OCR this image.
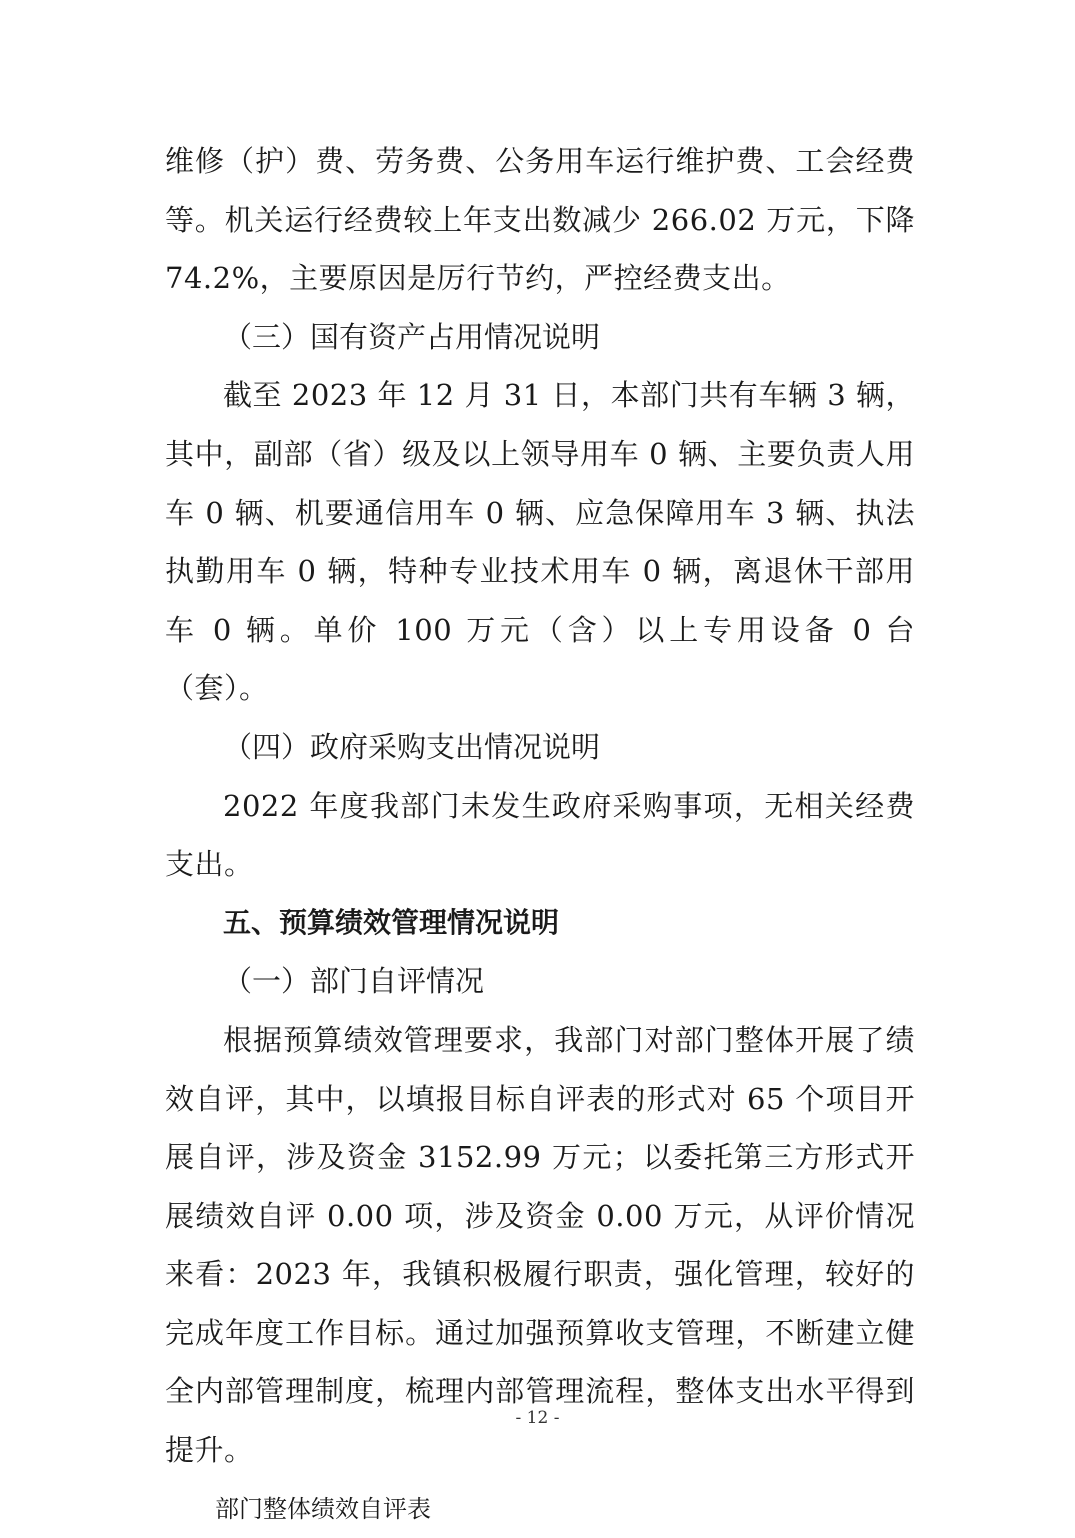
维修（护）费、劳务费、公务用车运行维护费、工会经费等。机关运行经费较上年支出数减少 266.02 万元，下降 74.2%，主要原因是厉行节约，严控经费支出。

（三）国有资产占用情况说明

截至 2023 年 12 月 31 日，本部门共有车辆 3 辆，其中，副部（省）级及以上领导用车 0 辆、主要负责人用车 0 辆、机要通信用车 0 辆、应急保障用车 3 辆、执法执勤用车 0 辆，特种专业技术用车 0 辆，离退休干部用车 0 辆。单价 100 万元（含）以上专用设备 0 台（套）。

（四）政府采购支出情况说明

2022 年度我部门未发生政府采购事项，无相关经费支出。

五、预算绩效管理情况说明

（一）部门自评情况

根据预算绩效管理要求，我部门对部门整体开展了绩效自评，其中，以填报目标自评表的形式对 65 个项目开展自评，涉及资金 3152.99 万元；以委托第三方形式开展绩效自评 0.00 项，涉及资金 0.00 万元，从评价情况来看：2023 年，我镇积极履行职责，强化管理，较好的完成年度工作目标。通过加强预算收支管理，不断建立健全内部管理制度，梳理内部管理流程，整体支出水平得到提升。

部门整体绩效自评表

- 12 -
